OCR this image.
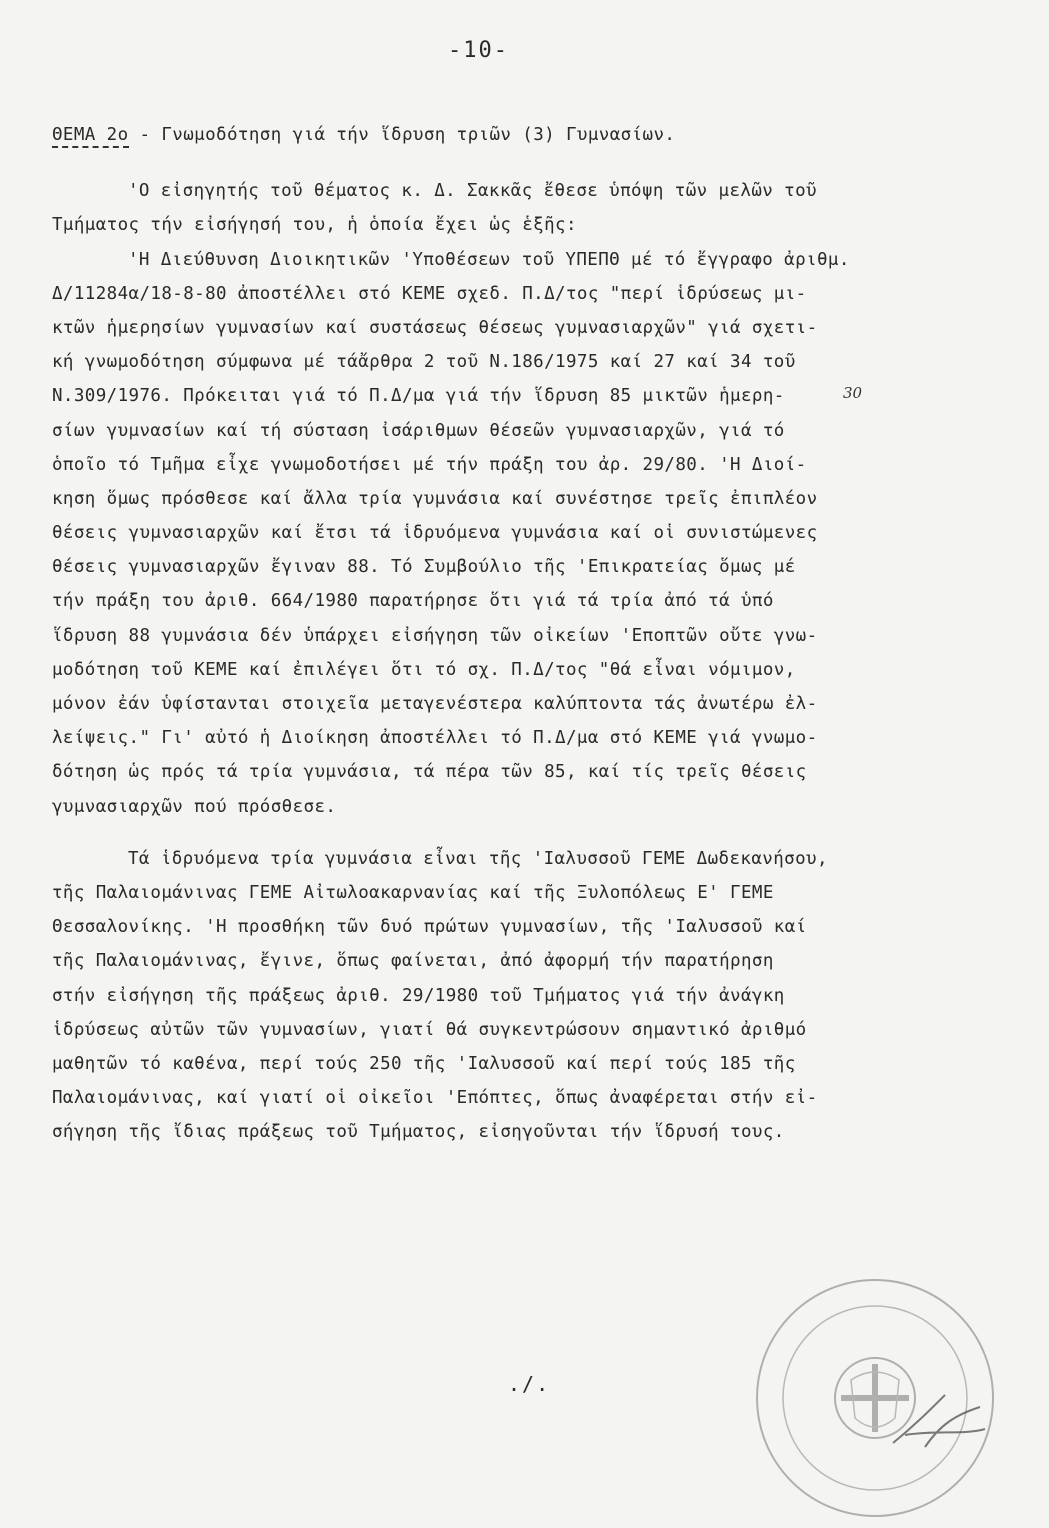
-10-
ΘΕΜΑ 2ο - Γνωμοδότηση γιά τήν ἵδρυση τριῶν (3) Γυμνασίων.
'Ο εἰσηγητής τοῦ θέματος κ. Δ. Σακκᾶς ἔθεσε ὑπόψη τῶν μελῶν τοῦ
Τμήματος τήν εἰσήγησή του, ἡ ὁποία ἔχει ὡς ἑξῆς:
'Η Διεύθυνση Διοικητικῶν 'Υποθέσεων τοῦ ΥΠΕΠΘ μέ τό ἔγγραφο ἀριθμ.
Δ/11284α/18-8-80 ἀποστέλλει στό ΚΕΜΕ σχεδ. Π.Δ/τος "περί ἱδρύσεως μι-
κτῶν ἡμερησίων γυμνασίων καί συστάσεως θέσεως γυμνασιαρχῶν" γιά σχετι-
κή γνωμοδότηση σύμφωνα μέ τάἄρθρα 2 τοῦ Ν.186/1975 καί 27 καί 34 τοῦ
Ν.309/1976. Πρόκειται γιά τό Π.Δ/μα γιά τήν ἵδρυση 85 μικτῶν ἡμερη-
σίων γυμνασίων καί τή σύσταση ἰσάριθμων θέσεῶν γυμνασιαρχῶν, γιά τό
ὁποῖο τό Τμῆμα εἶχε γνωμοδοτήσει μέ τήν πράξη του ἀρ. 29/80. 'Η Διοί-
κηση ὅμως πρόσθεσε καί ἄλλα τρία γυμνάσια καί συνέστησε τρεῖς ἐπιπλέον
θέσεις γυμνασιαρχῶν καί ἔτσι τά ἱδρυόμενα γυμνάσια καί οἱ συνιστώμενες
θέσεις γυμνασιαρχῶν ἔγιναν 88. Τό Συμβούλιο τῆς 'Επικρατείας ὅμως μέ
τήν πράξη του ἀριθ. 664/1980 παρατήρησε ὅτι γιά τά τρία ἀπό τά ὑπό
ἵδρυση 88 γυμνάσια δέν ὑπάρχει εἰσήγηση τῶν οἰκείων 'Εποπτῶν οὔτε γνω-
μοδότηση τοῦ ΚΕΜΕ καί ἐπιλέγει ὅτι τό σχ. Π.Δ/τος "θά εἶναι νόμιμον,
μόνον ἐάν ὑφίστανται στοιχεῖα μεταγενέστερα καλύπτοντα τάς ἀνωτέρω ἐλ-
λείψεις." Γι' αὐτό ἡ Διοίκηση ἀποστέλλει τό Π.Δ/μα στό ΚΕΜΕ γιά γνωμο-
δότηση ὡς πρός τά τρία γυμνάσια, τά πέρα τῶν 85, καί τίς τρεῖς θέσεις
γυμνασιαρχῶν πού πρόσθεσε.
Τά ἱδρυόμενα τρία γυμνάσια εἶναι τῆς 'Ιαλυσσοῦ ΓΕΜΕ Δωδεκανήσου,
τῆς Παλαιομάνινας ΓΕΜΕ Αἰτωλοακαρνανίας καί τῆς Ξυλοπόλεως Ε' ΓΕΜΕ
Θεσσαλονίκης. 'Η προσθήκη τῶν δυό πρώτων γυμνασίων, τῆς 'Ιαλυσσοῦ καί
τῆς Παλαιομάνινας, ἔγινε, ὅπως φαίνεται, ἀπό ἀφορμή τήν παρατήρηση
στήν εἰσήγηση τῆς πράξεως ἀριθ. 29/1980 τοῦ Τμήματος γιά τήν ἀνάγκη
ἱδρύσεως αὐτῶν τῶν γυμνασίων, γιατί θά συγκεντρώσουν σημαντικό ἀριθμό
μαθητῶν τό καθένα, περί τούς 250 τῆς 'Ιαλυσσοῦ καί περί τούς 185 τῆς
Παλαιομάνινας, καί γιατί οἱ οἰκεῖοι 'Επόπτες, ὅπως ἀναφέρεται στήν εἰ-
σήγηση τῆς ἴδιας πράξεως τοῦ Τμήματος, εἰσηγοῦνται τήν ἵδρυσή τους.
30
./.
